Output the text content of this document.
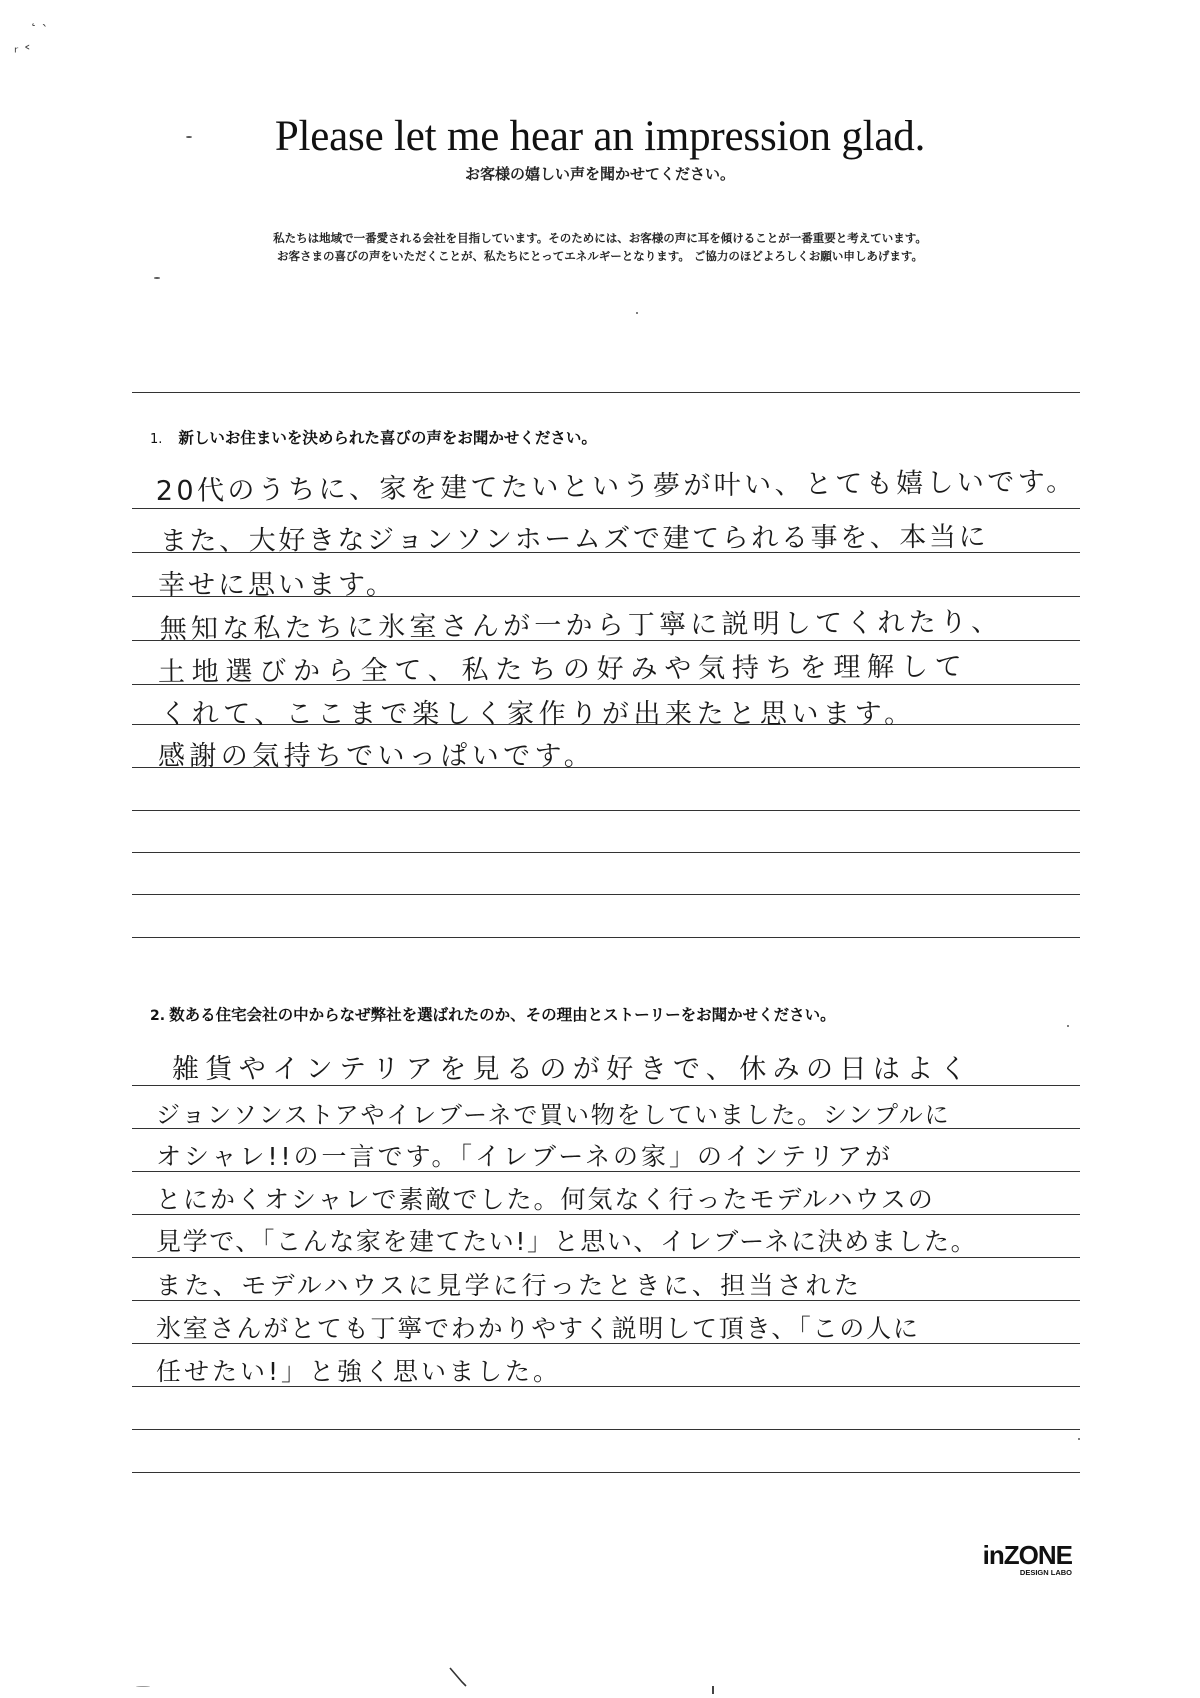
˛ ˎ
ʳ ˂
Please let me hear an impression glad.
お客様の嬉しい声を聞かせてください。
私たちは地域で一番愛される会社を目指しています。そのためには、お客様の声に耳を傾けることが一番重要と考えています。
お客さまの喜びの声をいただくことが、私たちにとってエネルギーとなります。 ご協力のほどよろしくお願い申しあげます。
1. 新しいお住まいを決められた喜びの声をお聞かせください。
20代のうちに、家を建てたいという夢が叶い、とても嬉しいです。
また、大好きなジョンソンホームズで建てられる事を、本当に
幸せに思います。
無知な私たちに氷室さんが一から丁寧に説明してくれたり、
土地選びから全て、私たちの好みや気持ちを理解して
くれて、ここまで楽しく家作りが出来たと思います。
感謝の気持ちでいっぱいです。
2. 数ある住宅会社の中からなぜ弊社を選ばれたのか、その理由とストーリーをお聞かせください。
雑貨やインテリアを見るのが好きで、休みの日はよく
ジョンソンストアやイレブーネで買い物をしていました。シンプルに
オシャレ!!の一言です。「イレブーネの家」のインテリアが
とにかくオシャレで素敵でした。何気なく行ったモデルハウスの
見学で、「こんな家を建てたい!」と思い、イレブーネに決めました。
また、モデルハウスに見学に行ったときに、担当された
氷室さんがとても丁寧でわかりやすく説明して頂き、「この人に
任せたい!」と強く思いました。
inZONE
DESIGN LABO
